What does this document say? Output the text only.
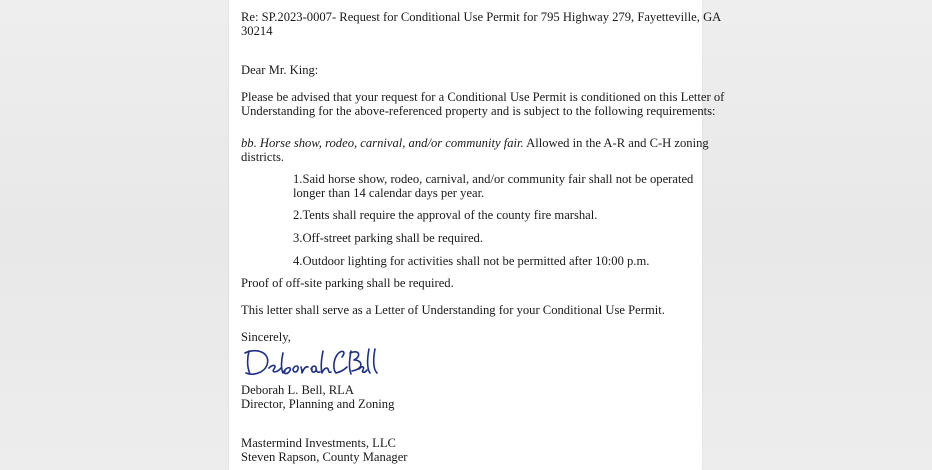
Re: SP.2023-0007- Request for Conditional Use Permit for 795 Highway 279, Fayetteville, GA

30214

Dear Mr. King:

Please be advised that your request for a Conditional Use Permit is conditioned on this Letter of

Understanding for the above-referenced property and is subject to the following requirements:

bb. Horse show, rodeo, carnival, and/or community fair. Allowed in the A-R and C-H zoning

districts.

1.Said horse show, rodeo, carnival, and/or community fair shall not be operated

longer than 14 calendar days per year.

2.Tents shall require the approval of the county fire marshal.

3.Off-street parking shall be required.

4.Outdoor lighting for activities shall not be permitted after 10:00 p.m.

Proof of off-site parking shall be required.

This letter shall serve as a Letter of Understanding for your Conditional Use Permit.

Sincerely,

Deborah L. Bell, RLA

Director, Planning and Zoning

Mastermind Investments, LLC

Steven Rapson, County Manager
